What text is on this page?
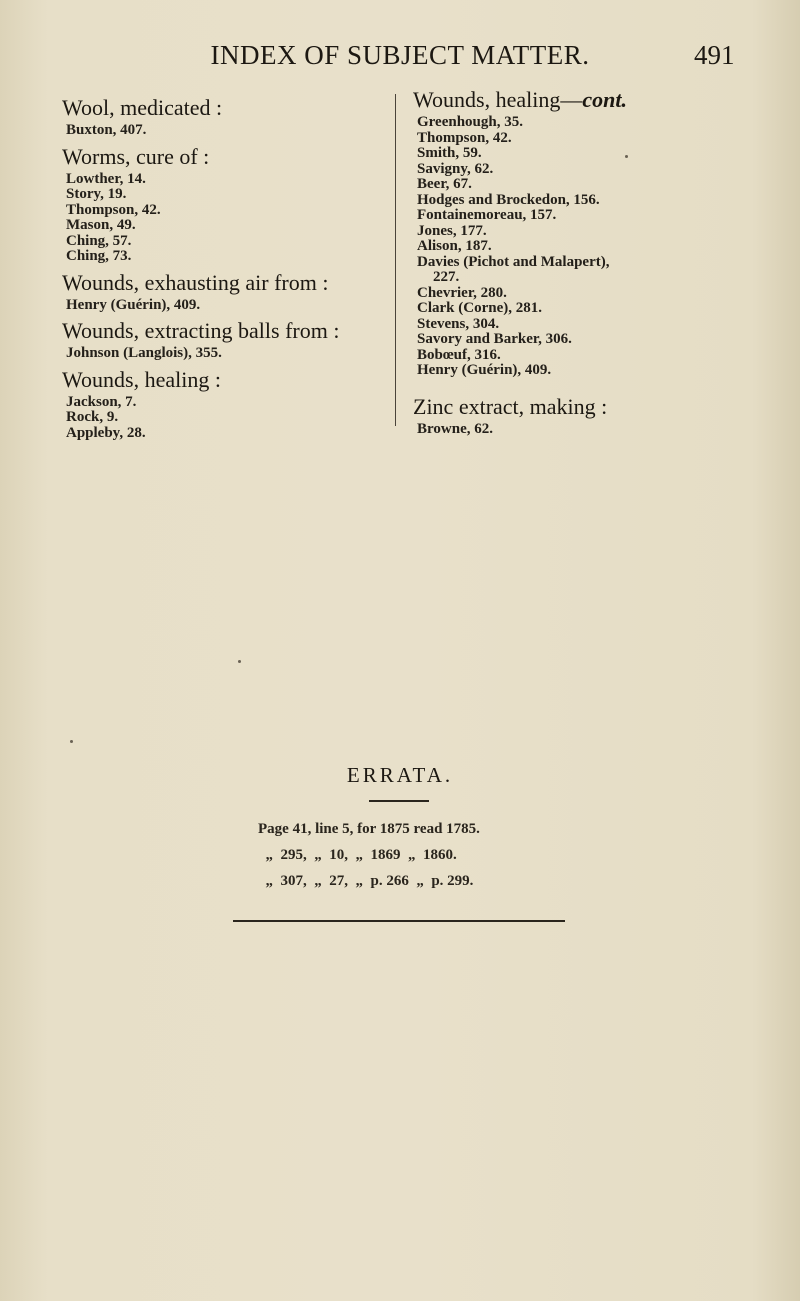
INDEX OF SUBJECT MATTER.	491

Wool, medicated :

Buxton, 407.

Worms, cure of :

Lowther, 14.
Story, 19.
Thompson, 42.
Mason, 49.
Ching, 57.
Ching, 73.

Wounds, exhausting air from :

Henry (Guérin), 409.

Wounds, extracting balls from :

Johnson (Langlois), 355.

Wounds, healing :

Jackson, 7.
Rock, 9.
Appleby, 28.

Wounds, healing—cont.

Greenhough, 35.
Thompson, 42.
Smith, 59.
Savigny, 62.
Beer, 67.
Hodges and Brockedon, 156.
Fontainemoreau, 157.
Jones, 177.
Alison, 187.
Davies (Pichot and Malapert),
227.
Chevrier, 280.
Clark (Corne), 281.
Stevens, 304.
Savory and Barker, 306.
Bobœuf, 316.
Henry (Guérin), 409.

Zinc extract, making :

Browne, 62.
ERRATA.
Page 41, line 5, for 1875 read 1785.
„  295,  „  10,  „  1869  „  1860.
„  307,  „  27,  „  p. 266  „  p. 299.
